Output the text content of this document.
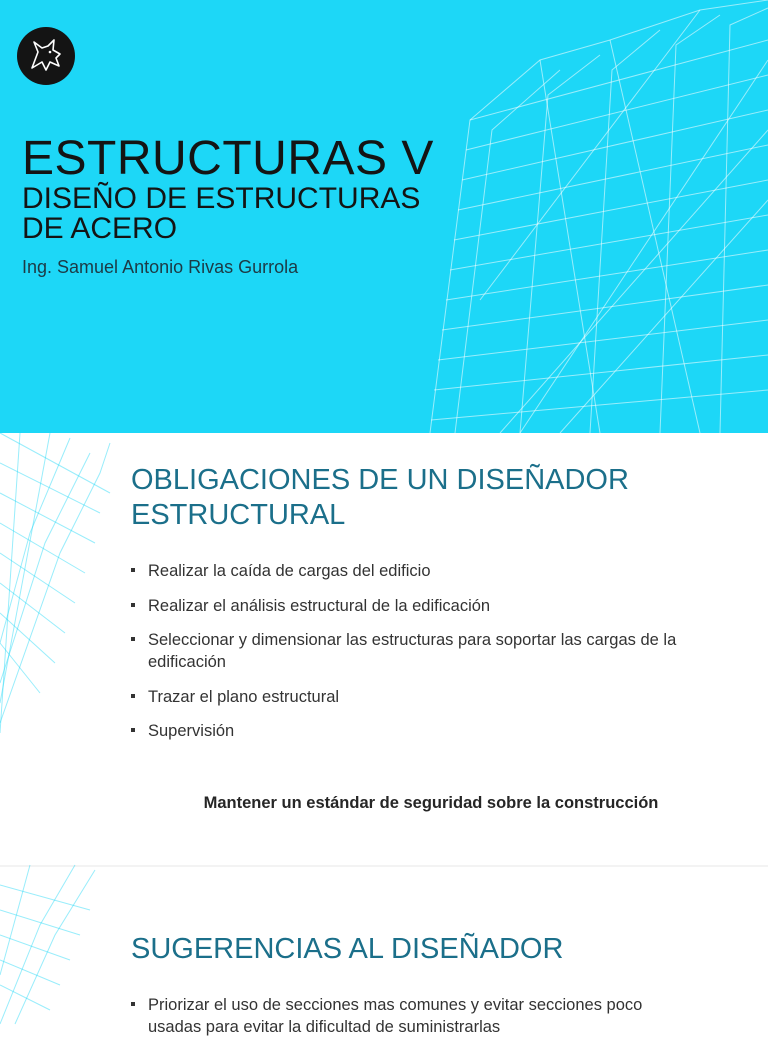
ESTRUCTURAS V
DISEÑO DE ESTRUCTURAS DE ACERO
Ing. Samuel Antonio Rivas Gurrola
OBLIGACIONES DE UN DISEÑADOR ESTRUCTURAL
Realizar la caída de cargas del edificio
Realizar el análisis estructural de la edificación
Seleccionar y dimensionar las estructuras para soportar las cargas de la edificación
Trazar el plano estructural
Supervisión
Mantener un estándar de seguridad sobre la construcción
SUGERENCIAS AL DISEÑADOR
Priorizar el uso de secciones mas comunes y evitar secciones poco usadas para evitar la dificultad de suministrarlas
